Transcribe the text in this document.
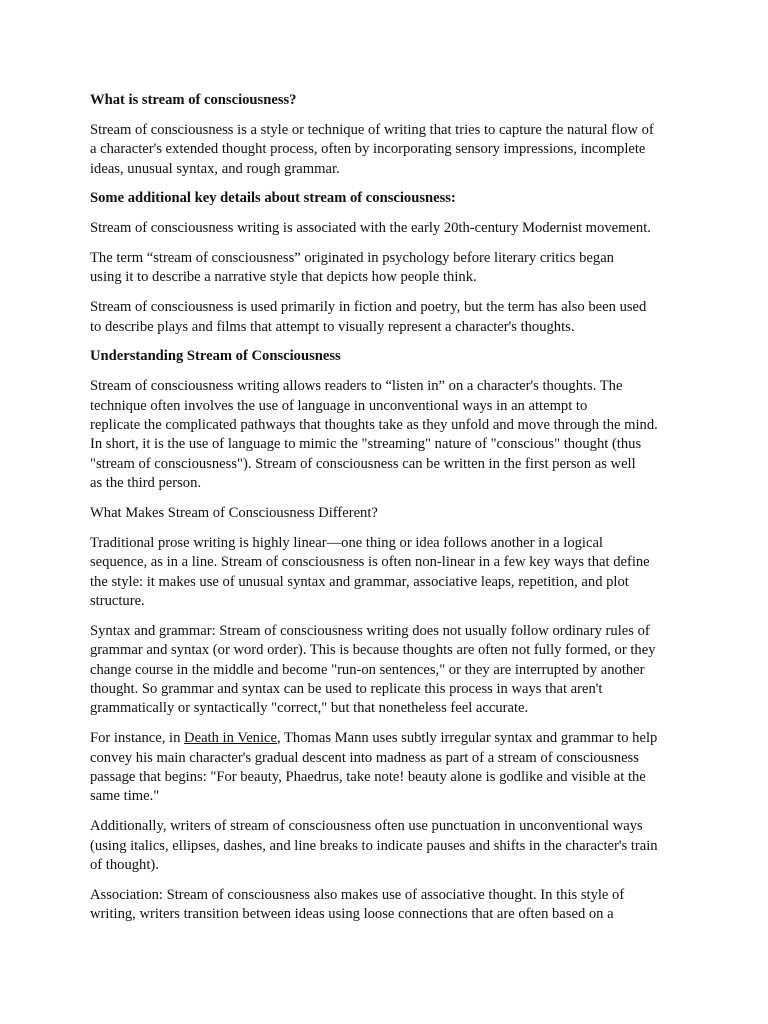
What is stream of consciousness?

Stream of consciousness is a style or technique of writing that tries to capture the natural flow of
a character's extended thought process, often by incorporating sensory impressions, incomplete
ideas, unusual syntax, and rough grammar.

Some additional key details about stream of consciousness:

Stream of consciousness writing is associated with the early 20th-century Modernist movement.

The term “stream of consciousness” originated in psychology before literary critics began
using it to describe a narrative style that depicts how people think.

Stream of consciousness is used primarily in fiction and poetry, but the term has also been used
to describe plays and films that attempt to visually represent a character's thoughts.

Understanding Stream of Consciousness

Stream of consciousness writing allows readers to “listen in” on a character's thoughts. The
technique often involves the use of language in unconventional ways in an attempt to
replicate the complicated pathways that thoughts take as they unfold and move through the mind.
In short, it is the use of language to mimic the "streaming" nature of "conscious" thought (thus
"stream of consciousness"). Stream of consciousness can be written in the first person as well
as the third person.

What Makes Stream of Consciousness Different?

Traditional prose writing is highly linear—one thing or idea follows another in a logical
sequence, as in a line. Stream of consciousness is often non-linear in a few key ways that define
the style: it makes use of unusual syntax and grammar, associative leaps, repetition, and plot
structure.

Syntax and grammar: Stream of consciousness writing does not usually follow ordinary rules of
grammar and syntax (or word order). This is because thoughts are often not fully formed, or they
change course in the middle and become "run-on sentences," or they are interrupted by another
thought. So grammar and syntax can be used to replicate this process in ways that aren't
grammatically or syntactically "correct," but that nonetheless feel accurate.

For instance, in Death in Venice, Thomas Mann uses subtly irregular syntax and grammar to help
convey his main character's gradual descent into madness as part of a stream of consciousness
passage that begins: "For beauty, Phaedrus, take note! beauty alone is godlike and visible at the
same time."

Additionally, writers of stream of consciousness often use punctuation in unconventional ways
(using italics, ellipses, dashes, and line breaks to indicate pauses and shifts in the character's train
of thought).

Association: Stream of consciousness also makes use of associative thought. In this style of
writing, writers transition between ideas using loose connections that are often based on a
